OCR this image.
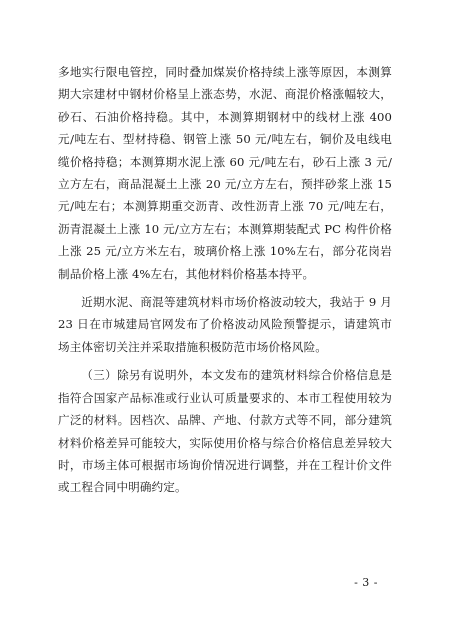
多地实行限电管控，同时叠加煤炭价格持续上涨等原因，本测算期大宗建材中钢材价格呈上涨态势，水泥、商混价格涨幅较大，砂石、石油价格持稳。其中，本测算期钢材中的线材上涨 400 元/吨左右、型材持稳、钢管上涨 50 元/吨左右，铜价及电线电缆价格持稳；本测算期水泥上涨 60 元/吨左右，砂石上涨 3 元/立方左右，商品混凝土上涨 20 元/立方左右，预拌砂浆上涨 15 元/吨左右；本测算期重交沥青、改性沥青上涨 70 元/吨左右，沥青混凝土上涨 10 元/立方左右；本测算期装配式 PC 构件价格上涨 25 元/立方米左右，玻璃价格上涨 10%左右，部分花岗岩制品价格上涨 4%左右，其他材料价格基本持平。

近期水泥、商混等建筑材料市场价格波动较大，我站于 9 月 23 日在市城建局官网发布了价格波动风险预警提示，请建筑市场主体密切关注并采取措施积极防范市场价格风险。

（三）除另有说明外，本文发布的建筑材料综合价格信息是指符合国家产品标准或行业认可质量要求的、本市工程使用较为广泛的材料。因档次、品牌、产地、付款方式等不同，部分建筑材料价格差异可能较大，实际使用价格与综合价格信息差异较大时，市场主体可根据市场询价情况进行调整，并在工程计价文件或工程合同中明确约定。

- 3 -
